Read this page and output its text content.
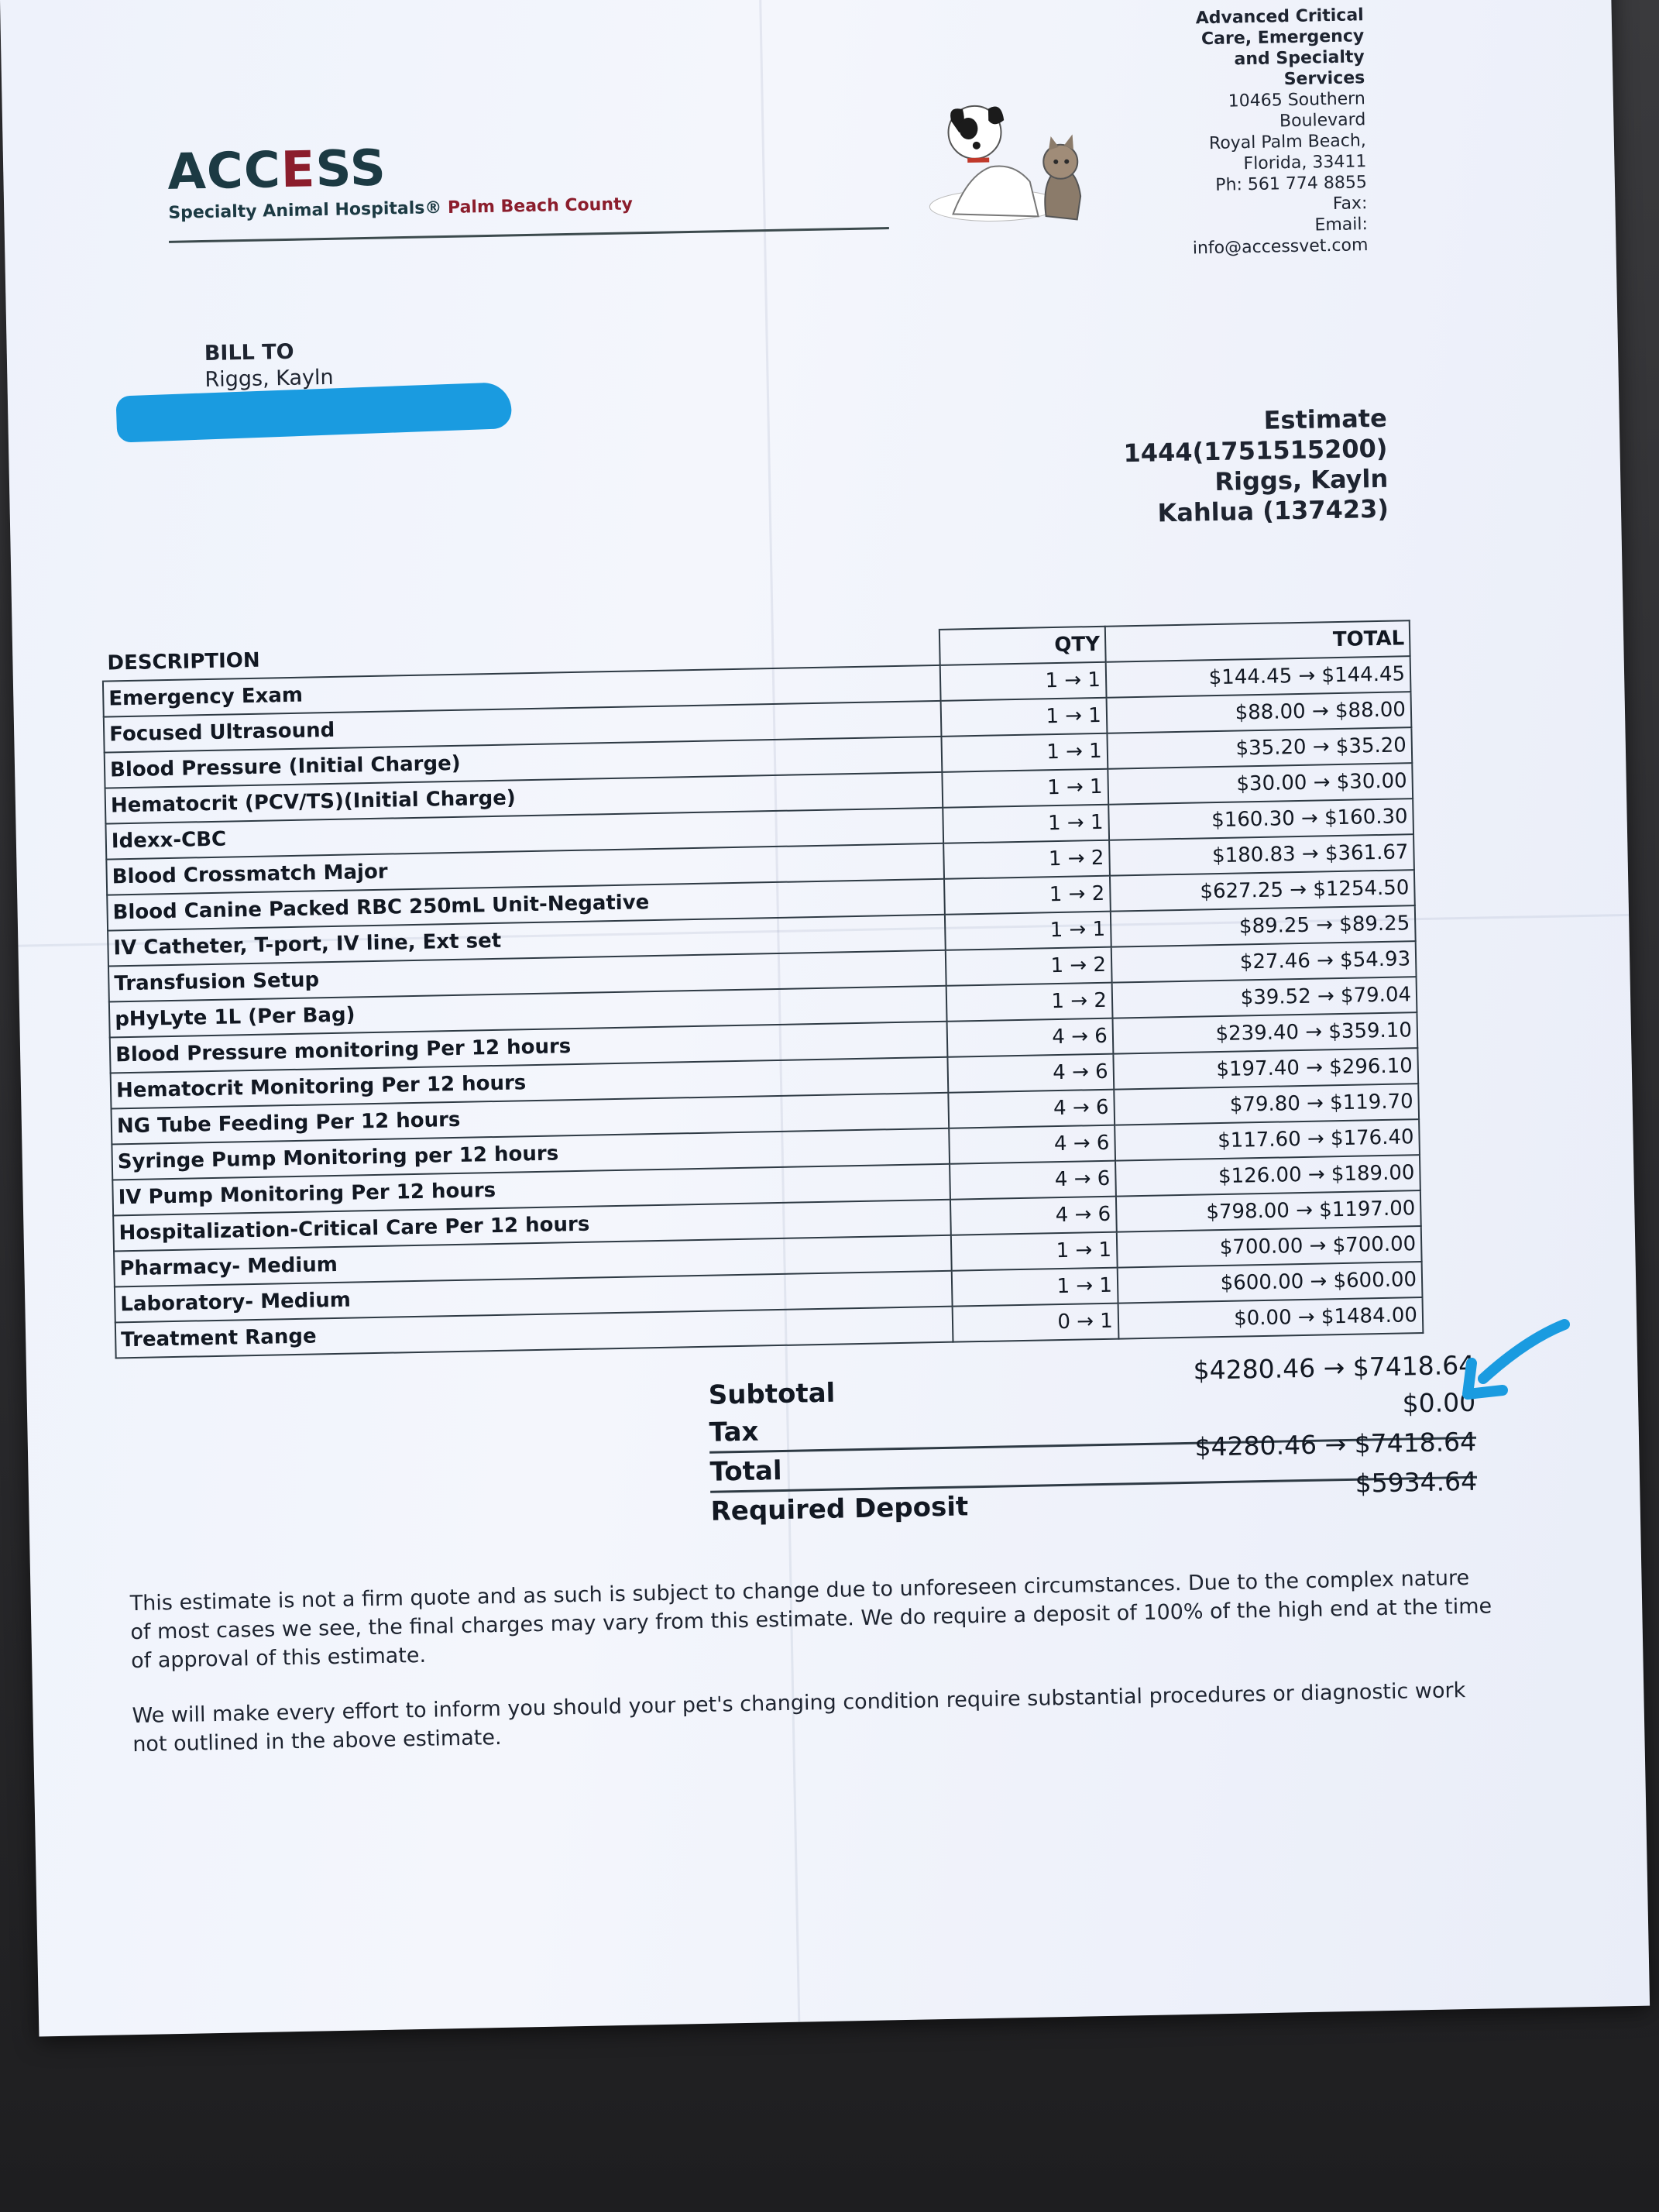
ACCESS
Specialty Animal Hospitals® Palm Beach County
Advanced Critical
Care, Emergency
and Specialty
Services
10465 Southern
Boulevard
Royal Palm Beach,
Florida, 33411
Ph: 561 774 8855
Fax:
Email:
info@accessvet.com
BILL TO
Riggs, Kayln
Estimate
1444(1751515200)
Riggs, Kayln
Kahlua (137423)
DESCRIPTION	QTY	TOTAL
Emergency Exam	1 → 1	$144.45 → $144.45
Focused Ultrasound	1 → 1	$88.00 → $88.00
Blood Pressure (Initial Charge)	1 → 1	$35.20 → $35.20
Hematocrit (PCV/TS)(Initial Charge)	1 → 1	$30.00 → $30.00
Idexx-CBC	1 → 1	$160.30 → $160.30
Blood Crossmatch Major	1 → 2	$180.83 → $361.67
Blood Canine Packed RBC 250mL Unit-Negative	1 → 2	$627.25 → $1254.50
IV Catheter, T-port, IV line, Ext set	1 → 1	$89.25 → $89.25
Transfusion Setup	1 → 2	$27.46 → $54.93
pHyLyte 1L (Per Bag)	1 → 2	$39.52 → $79.04
Blood Pressure monitoring Per 12 hours	4 → 6	$239.40 → $359.10
Hematocrit Monitoring Per 12 hours	4 → 6	$197.40 → $296.10
NG Tube Feeding Per 12 hours	4 → 6	$79.80 → $119.70
Syringe Pump Monitoring per 12 hours	4 → 6	$117.60 → $176.40
IV Pump Monitoring Per 12 hours	4 → 6	$126.00 → $189.00
Hospitalization-Critical Care Per 12 hours	4 → 6	$798.00 → $1197.00
Pharmacy- Medium	1 → 1	$700.00 → $700.00
Laboratory- Medium	1 → 1	$600.00 → $600.00
Treatment Range	0 → 1	$0.00 → $1484.00
Subtotal
$4280.46 → $7418.64
Tax
$0.00
Total
$4280.46 → $7418.64
Required Deposit
$5934.64

This estimate is not a firm quote and as such is subject to change due to unforeseen circumstances. Due to the complex nature of most cases we see, the final charges may vary from this estimate. We do require a deposit of 100% of the high end at the time of approval of this estimate.

We will make every effort to inform you should your pet's changing condition require substantial procedures or diagnostic work not outlined in the above estimate.
